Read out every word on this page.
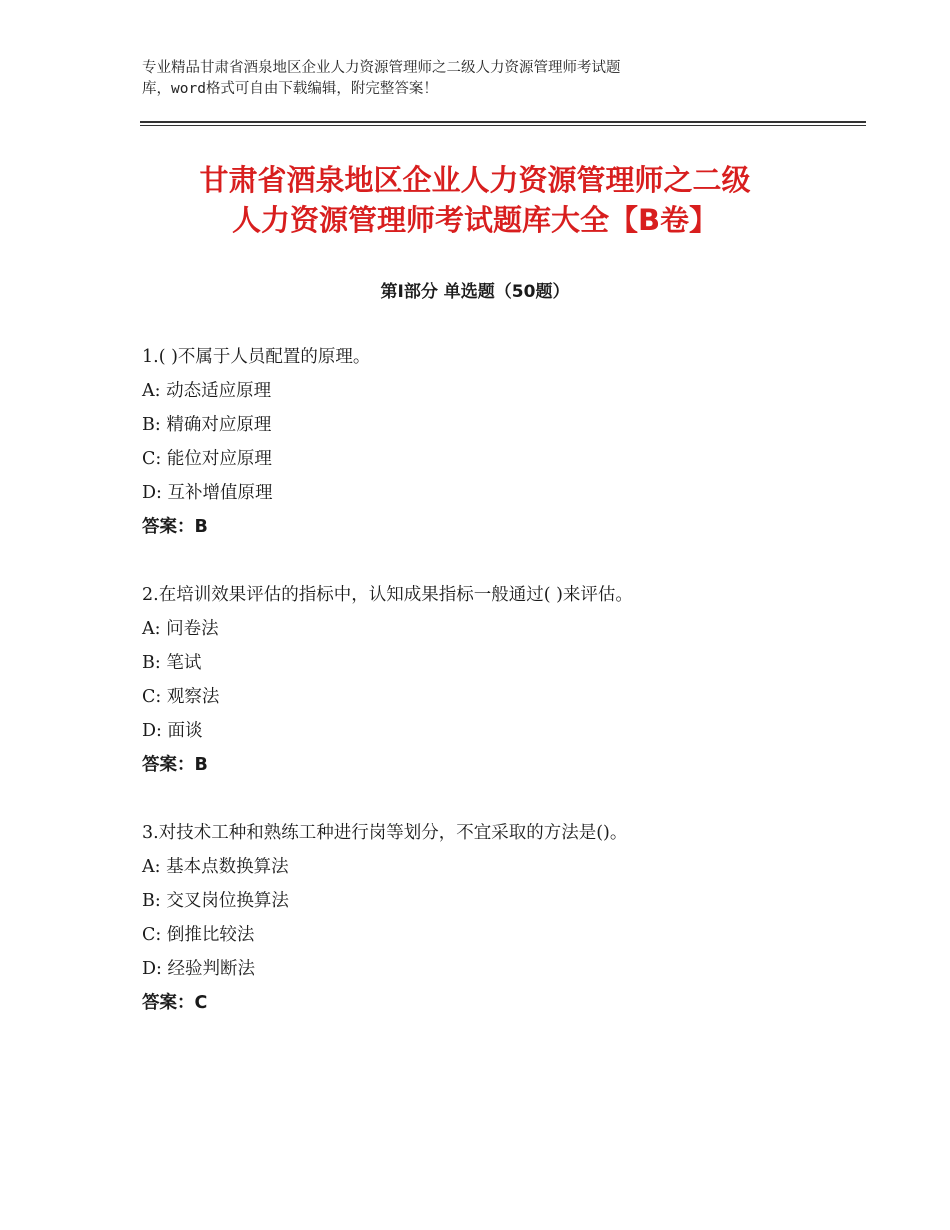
专业精品甘肃省酒泉地区企业人力资源管理师之二级人力资源管理师考试题
库，word格式可自由下载编辑，附完整答案！
甘肃省酒泉地区企业人力资源管理师之二级
人力资源管理师考试题库大全【B卷】
第Ⅰ部分 单选题（50题）
1.( )不属于人员配置的原理。
A: 动态适应原理
B: 精确对应原理
C: 能位对应原理
D: 互补增值原理
答案：B
2.在培训效果评估的指标中，认知成果指标一般通过( )来评估。
A: 问卷法
B: 笔试
C: 观察法
D: 面谈
答案：B
3.对技术工种和熟练工种进行岗等划分，不宜采取的方法是()。
A: 基本点数换算法
B: 交叉岗位换算法
C: 倒推比较法
D: 经验判断法
答案：C
